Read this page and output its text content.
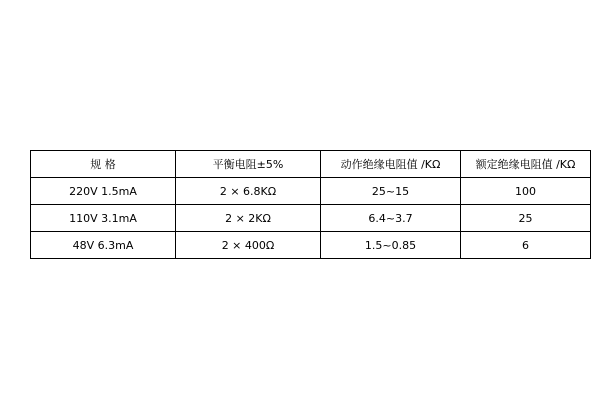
规 格	平衡电阻±5%	动作绝缘电阻值 /KΩ	额定绝缘电阻值 /KΩ
220V 1.5mA	2 × 6.8KΩ	25~15	100
110V 3.1mA	2 × 2KΩ	6.4~3.7	25
48V 6.3mA	2 × 400Ω	1.5~0.85	6
